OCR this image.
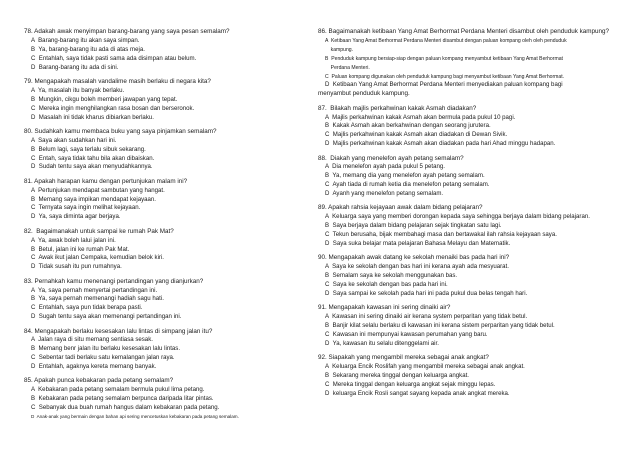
78. Adakah awak menyimpan barang-barang yang saya pesan semalam?
A  Barang-barang itu akan saya simpan.
B  Ya, barang-barang itu ada di atas meja.
C  Entahlah, saya tidak pasti sama ada disimpan atau belum.
D  Barang-barang itu ada di sini.
79. Mengapakah masalah vandalime masih berlaku di negara kita?
A  Ya, masalah itu banyak berlaku.
B  Mungkin, cikgu boleh memberi jawapan yang tepat.
C  Mereka ingin menghilangkan rasa bosan dan berseronok.
D  Masalah ini tidak kharus dibiarkan berlaku.
80. Sudahkah kamu membaca buku yang saya pinjamkan semalam?
A  Saya akan sudahkan hari ini.
B  Belum lagi, saya terlalu sibuk sekarang.
C  Entah, saya tidak tahu bila akan dibaiskan.
D  Sudah tentu saya akan menyudahkannya.
81. Apakah harapan kamu dengan pertunjukan malam ini?
A  Pertunjukan mendapat sambutan yang hangat.
B  Memang saya impikan mendapat kejayaan.
C  Ternyata saya ingin melihat kejayaan.
D  Ya, saya diminta agar berjaya.
82.  Bagaimanakah untuk sampai ke rumah Pak Mat?
A  Ya, awak boleh lalui jalan ini.
B  Betul, jalan ini ke rumah Pak Mat.
C  Awak ikut jalan Cempaka, kemudian belok kiri.
D  Tidak susah itu pun rumahnya.
83. Pernahkah kamu menenangi pertandingan yang dianjurkan?
A  Ya, saya pernah menyertai pertandingan ini.
B  Ya, saya pernah memenangi hadiah sagu hati.
C  Entahlah, saya pun tidak berapa pasti.
D  Sugah tentu saya akan memenangi pertandingan ini.
84. Mengapakah berlaku kesesakan lalu lintas di simpang jalan itu?
A  Jalan raya di situ memang sentiasa sesak.
B  Memang benr jalan itu berlaku kesesakan lalu lintas.
C  Sebentar tadi berlaku satu kemalangan jalan raya.
D  Entahlah, agaknya kereta memang banyak.
85. Apakah punca kebakaran pada petang semalam?
A  Kebakaran pada petang semalam bermula pukul lima petang.
B  Kebakaran pada petang semalam berpunca daripada litar pintas.
C  Sebanyak dua buah rumah hangus dalam kebakaran pada petang.
D  Anak-anak yang bermain dengan bahan api sering mencetuskan kebakaran pada petang semalam.
86. Bagaimanakah ketibaan Yang Amat Berhormat Perdana Menteri disambut oleh penduduk kampung?
A  Ketibaan Yang Amat Berhormat Perdana Menteri disambut dengan paluan kompang oleh oleh penduduk
kampung.
B  Penduduk kampung bersiap-siap dengan paluan kompang menyambut ketibaan Yang Amat Berhormat
Perdana Menteri.
C  Paluan kompang digunakan oleh penduduk kampung bagi menyambut ketibaan Yang Amat Berhormat.
D  Ketibaan Yang Amat Berhormat Perdana Menteri menyediakan paluan kompang bagi
menyambut penduduk kampung.
87.  Bilakah majlis perkahwinan kakak Asmah diadakan?
A  Majlis perkahwinan kakak Asmah akan bermula pada pukul 10 pagi.
B  Kakak Asmah akan berkahwinan dengan seorang jurutera.
C  Majlis perkahwinan kakak Asmah akan diadakan di Dewan Sivik.
D  Majlis perkahwinan kakak Asmah akan diadakan pada hari Ahad minggu hadapan.
88.  Diakah yang menelefon ayah petang semalam?
A  Dia menelefon ayah pada pukul 5 petang.
B  Ya, memang dia yang menelefon ayah petang semalam.
C  Ayah tiada di rumah ketia dia menelefon petang semalam.
D  Ayanh yang menelefon petang semalam.
89. Apakah rahsia kejayaan awak dalam bidang pelajaran?
A  Keluarga saya yang memberi dorongan kepada saya sehingga berjaya dalam bidang pelajaran.
B  Saya berjaya dalam bidang pelajaran sejak tingkatan satu lagi.
C  Tekun berusaha, bijak membahagi masa dan bertawakal ilah rahsia kejayaan saya.
D  Saya suka belajar mata pelajaran Bahasa Melayu dan Matematik.
90. Mengapakah awak datang ke sekolah menaiki bas pada hari ini?
A  Saya ke sekolah dengan bas hari ini kerana ayah ada mesyuarat.
B  Semalam saya ke sekolah menggunakan bas.
C  Saya ke sekolah dengan bas pada hari ini.
D  Saya sampai ke sekolah pada hari ini pada pukul dua belas tengah hari.
91. Mengapakah kawasan ini sering dinaiki air?
A  Kawasan ini sering dinaiki air kerana system perparitan yang tidak betul.
B  Banjir kilat selalu berlaku di kawasan ini kerana sistem perparitan yang tidak betul.
C  Kawasan ini mempunyai kawasan perumahan yang baru.
D  Ya, kawasan itu selalu ditenggelami air.
92. Siapakah yang mengambil mereka sebagai anak angkat?
A  Keluarga Encik Roslifah yang mengambil mereka sebagai anak angkat.
B  Sekarang mereka tinggal dengan keluarga angkat.
C  Mereka tinggal dengan keluarga angkat sejak minggu lepas.
D  keluarga Encik Rosli sangat sayang kepada anak angkat mereka.
